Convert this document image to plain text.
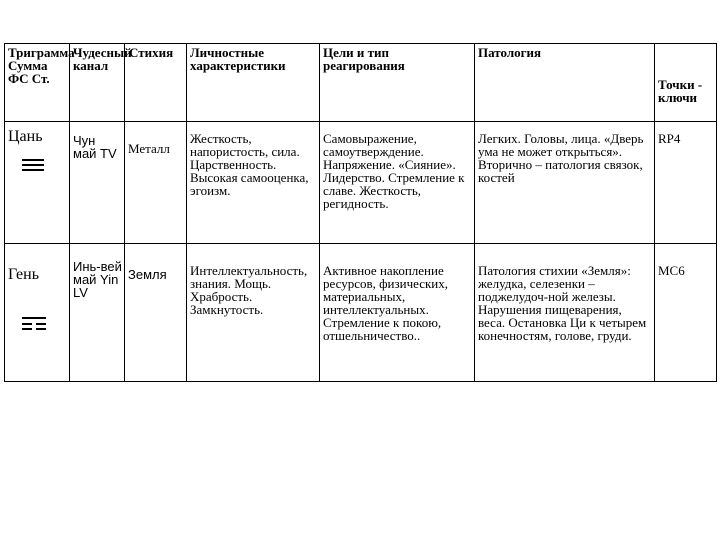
Триграмма Сумма ФС Ст.	Чудесный канал	Стихия	Личностные характеристики	Цели и тип реагирования	Патология	Точки - ключи
Цань	Чун май TV	Металл	Жесткость, напористость, сила. Царственность. Высокая самооценка, эгоизм.	Самовыражение, самоутверждение. Напряжение. «Сияние». Лидерство. Стремление к славе. Жесткость, регидность.	Легких. Головы, лица. «Дверь ума не может открыться». Вторично – патология связок, костей	RP4
Гень	Инь-вей май Yin LV	Земля	Интеллектуальность, знания. Мощь. Храбрость. Замкнутость.	Активное накопление ресурсов, физических, материальных, интеллектуальных. Стремление к покою, отшельничество..	Патология стихии «Земля»: желудка, селезенки – поджелудоч-ной железы. Нарушения пищеварения, веса. Остановка Ци к четырем конечностям, голове, груди.	MC6
